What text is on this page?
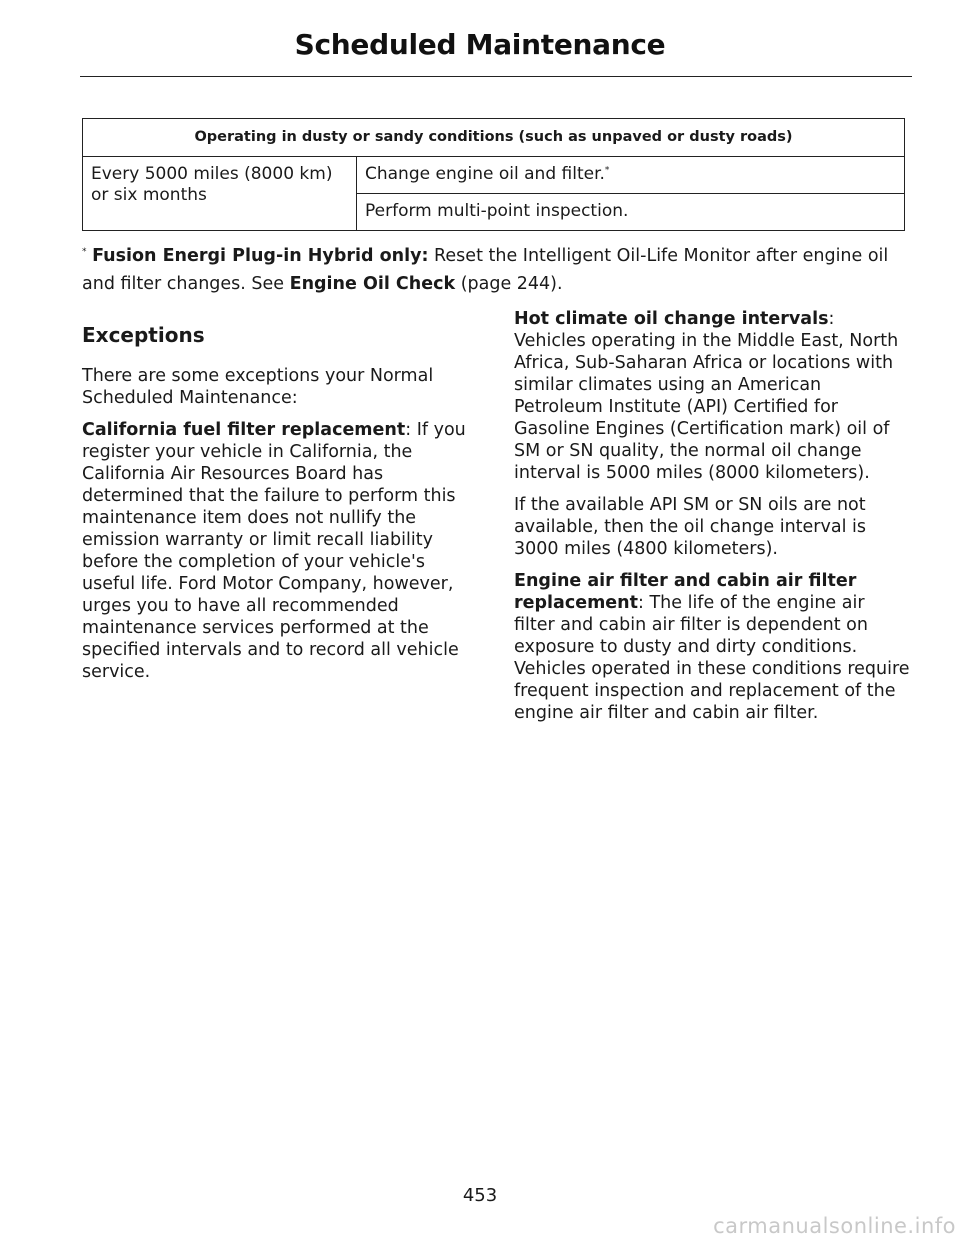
Scheduled Maintenance
Operating in dusty or sandy conditions (such as unpaved or dusty roads)
Every 5000 miles (8000 km) or six months	Change engine oil and filter.*
Perform multi-point inspection.

* Fusion Energi Plug-in Hybrid only: Reset the Intelligent Oil-Life Monitor after engine oil and filter changes. See Engine Oil Check (page 244).

Exceptions

There are some exceptions your Normal Scheduled Maintenance:

California fuel filter replacement: If you register your vehicle in California, the California Air Resources Board has determined that the failure to perform this maintenance item does not nullify the emission warranty or limit recall liability before the completion of your vehicle's useful life. Ford Motor Company, however, urges you to have all recommended maintenance services performed at the specified intervals and to record all vehicle service.

Hot climate oil change intervals: Vehicles operating in the Middle East, North Africa, Sub-Saharan Africa or locations with similar climates using an American Petroleum Institute (API) Certified for Gasoline Engines (Certification mark) oil of SM or SN quality, the normal oil change interval is 5000 miles (8000 kilometers).

If the available API SM or SN oils are not available, then the oil change interval is 3000 miles (4800 kilometers).

Engine air filter and cabin air filter replacement: The life of the engine air filter and cabin air filter is dependent on exposure to dusty and dirty conditions. Vehicles operated in these conditions require frequent inspection and replacement of the engine air filter and cabin air filter.

453
carmanualsonline.info
